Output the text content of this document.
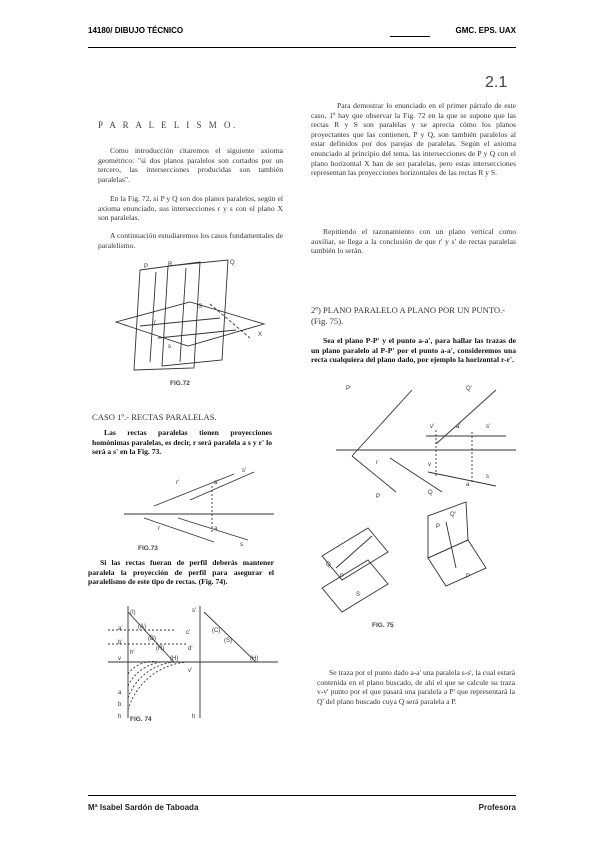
14180/ DIBUJO TÉCNICO	GMC. EPS. UAX
2.1
P A R A L E L I S M O.
Como introducción citaremos el siguiente axioma geométrico: "si dos planos paralelos son cortados por un tercero, las intersecciones producidas son también paralelas".
En la Fig. 72, si P y Q son dos planos paralelos, según el axioma enunciado, sus intersecciones r y s con el plano X son paralelas.
A continuación estudiaremos los casos fundamentales de paralelismo.
P	R	Q
S
X
r
s
FIG.72
CASO 1º.- RECTAS PARALELAS.
Las rectas paralelas tienen proyecciones homónimas paralelas, es decir, r será paralela a s y r' lo será a s' en la Fig. 73.
r'
s'
a'
r
s
a
FIG.73
Si las rectas fueran de perfil deberás mantener paralela la proyección de perfil para asegurar el paralelismo de este tipo de rectas. (Fig. 74).
(I)
(A)
(B)
(R)
(H)
(C)
(S)
(H)
a'
b'
c'
v
a
b
h	h
s'
d'
v'
h'
FIG. 74
Para demostrar lo enunciado en el primer párrafo de este caso, 1º hay que observar la Fig. 72 en la que se supone que las rectas R y S son paralelas y se aprecia cómo los planos proyectantes que las contienen, P y Q, son también paralelos al estar definidos por dos parejas de paralelas. Según el axioma enunciado al principio del tema, las intersecciones de P y Q con el plano horizontal X han de ser paralelas, pero estas intersecciones representan las proyecciones horizontales de las rectas R y S.
Repitiendo el razonamiento con un plano vertical como auxiliar, se llega a la conclusión de que r' y s' de rectas paralelas también lo serán.
2º) PLANO PARALELO A PLANO POR UN PUNTO.- (Fig. 75).
Sea el plano P-P' y el punto a-a', para hallar las trazas de un plano paralelo al P-P' por el punto a-a', consideremos una recta cualquiera del plano dado, por ejemplo la horizontal r-r'.
P'	Q'
v'	a'	s'
P
Q
a
s
v
r
Q
P
Q'
P
S
P
FIG. 75
Se traza por el punto dado a-a' una paralela s-s', la cual estará contenida en el plano buscado, de ahí el que se calcule su traza v-v' punto por el que pasará una paralela a P' que representará la Q' del plano buscado cuya Q será paralela a P.
Mª Isabel Sardón de Taboada	Profesora
